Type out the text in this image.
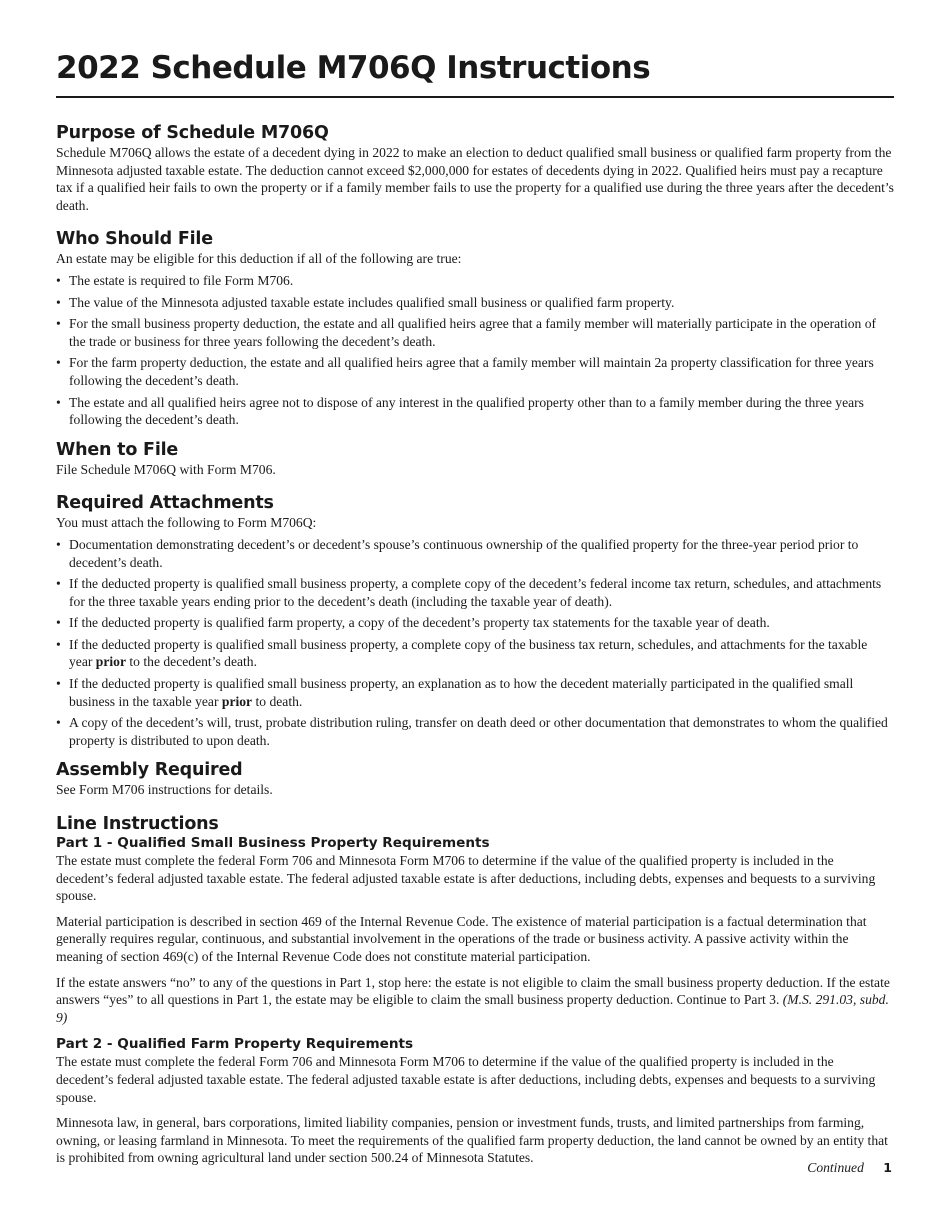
2022 Schedule M706Q Instructions
Purpose of Schedule M706Q

Schedule M706Q allows the estate of a decedent dying in 2022 to make an election to deduct qualified small business or qualified farm property from the Minnesota adjusted taxable estate. The deduction cannot exceed $2,000,000 for estates of decedents dying in 2022. Qualified heirs must pay a recapture tax if a qualified heir fails to own the property or if a family member fails to use the property for a qualified use during the three years after the decedent’s death.

Who Should File

An estate may be eligible for this deduction if all of the following are true:

• The estate is required to file Form M706.
• The value of the Minnesota adjusted taxable estate includes qualified small business or qualified farm property.
• For the small business property deduction, the estate and all qualified heirs agree that a family member will materially participate in the operation of the trade or business for three years following the decedent’s death.
• For the farm property deduction, the estate and all qualified heirs agree that a family member will maintain 2a property classification for three years following the decedent’s death.
• The estate and all qualified heirs agree not to dispose of any interest in the qualified property other than to a family member during the three years following the decedent’s death.
When to File

File Schedule M706Q with Form M706.

Required Attachments

You must attach the following to Form M706Q:

• Documentation demonstrating decedent’s or decedent’s spouse’s continuous ownership of the qualified property for the three-year period prior to decedent’s death.
• If the deducted property is qualified small business property, a complete copy of the decedent’s federal income tax return, schedules, and attachments for the three taxable years ending prior to the decedent’s death (including the taxable year of death).
• If the deducted property is qualified farm property, a copy of the decedent’s property tax statements for the taxable year of death.
• If the deducted property is qualified small business property, a complete copy of the business tax return, schedules, and attachments for the taxable year prior to the decedent’s death.
• If the deducted property is qualified small business property, an explanation as to how the decedent materially participated in the qualified small business in the taxable year prior to death.
• A copy of the decedent’s will, trust, probate distribution ruling, transfer on death deed or other documentation that demonstrates to whom the qualified property is distributed to upon death.
Assembly Required

See Form M706 instructions for details.

Line Instructions
Part 1 - Qualified Small Business Property Requirements

The estate must complete the federal Form 706 and Minnesota Form M706 to determine if the value of the qualified property is included in the decedent’s federal adjusted taxable estate. The federal adjusted taxable estate is after deductions, including debts, expenses and bequests to a surviving spouse.

Material participation is described in section 469 of the Internal Revenue Code. The existence of material participation is a factual determination that generally requires regular, continuous, and substantial involvement in the operations of the trade or business activity. A passive activity within the meaning of section 469(c) of the Internal Revenue Code does not constitute material participation.

If the estate answers “no” to any of the questions in Part 1, stop here: the estate is not eligible to claim the small business property deduction. If the estate answers “yes” to all questions in Part 1, the estate may be eligible to claim the small business property deduction. Continue to Part 3. (M.S. 291.03, subd. 9)

Part 2 - Qualified Farm Property Requirements

The estate must complete the federal Form 706 and Minnesota Form M706 to determine if the value of the qualified property is included in the decedent’s federal adjusted taxable estate. The federal adjusted taxable estate is after deductions, including debts, expenses and bequests to a surviving spouse.

Minnesota law, in general, bars corporations, limited liability companies, pension or investment funds, trusts, and limited partnerships from farming, owning, or leasing farmland in Minnesota. To meet the requirements of the qualified farm property deduction, the land cannot be owned by an entity that is prohibited from owning agricultural land under section 500.24 of Minnesota Statutes.

Continued 1
